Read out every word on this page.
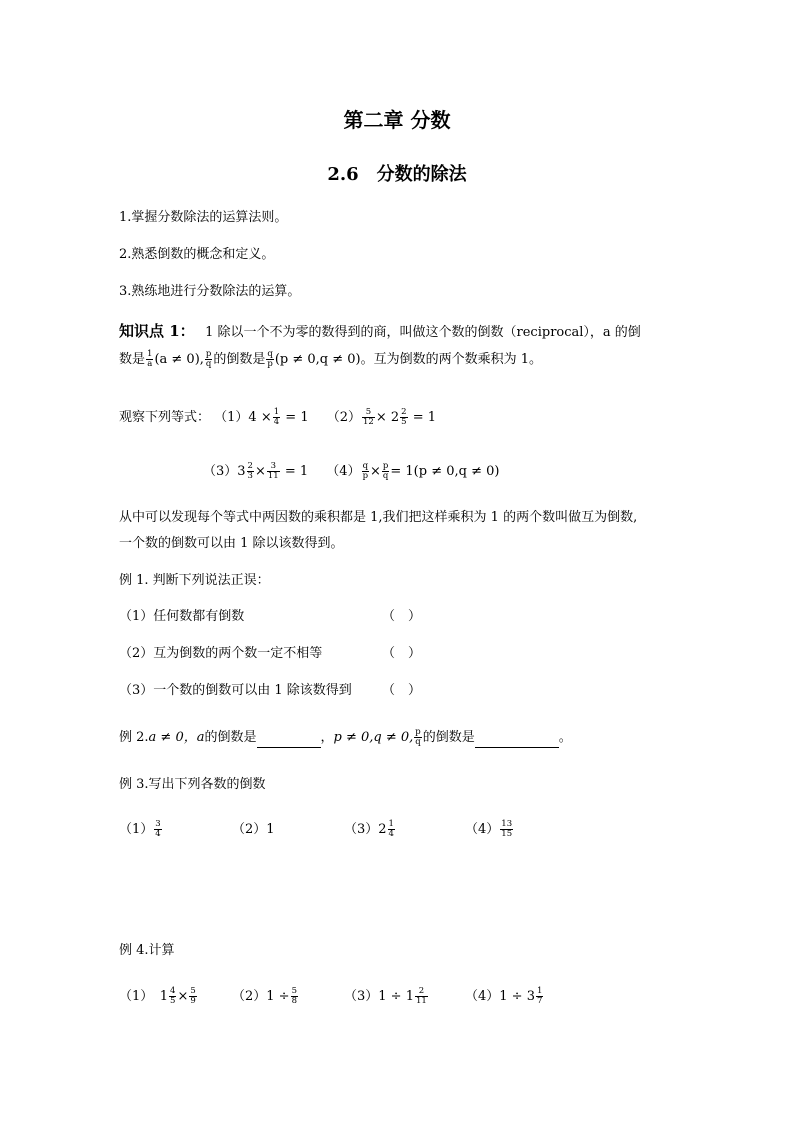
第二章 分数
2.6　分数的除法
1.掌握分数除法的运算法则。
2.熟悉倒数的概念和定义。
3.熟练地进行分数除法的运算。
知识点 1： 1 除以一个不为零的数得到的商，叫做这个数的倒数（reciprocal），a 的倒
数是 $\frac{1}{a} (a \ne 0)$, $\frac{p}{q}$ 的倒数是 $\frac{q}{p} (p \ne 0,q \ne 0)$。互为倒数的两个数乘积为 1。
观察下列等式： $(1)4 \times \frac{1}{4} = 1$ $(2) \frac{5}{12} \times 2 \frac{2}{5} = 1$
$(3)3 \frac{2}{3} \times \frac{3}{11} = 1$ $(4) \frac{q}{p} \times \frac{p}{q} = 1(p \ne 0,q \ne 0)$
从中可以发现每个等式中两因数的乘积都是 1,我们把这样乘积为 1 的两个数叫做互为倒数,
一个数的倒数可以由 1 除以该数得到。
例 1. 判断下列说法正误：
（1）任何数都有倒数	（　）
（2）互为倒数的两个数一定不相等	（　）
（3）一个数的倒数可以由 1 除该数得到 （　）
例 2.a ≠ 0，a的倒数是	，p ≠ 0,q ≠ 0, $\frac{p}{q}$ 的倒数是	。
例 3.写出下列各数的倒数
$(1) \frac{3}{4}$	（2）1	$(3)2 \frac{1}{4}$	$(4) \frac{13}{15}$
例 4.计算
（1）　$1 \frac{4}{5} \times \frac{5}{9}$	$(2)1 \div \frac{5}{8}$	$(3)1 \div 1 \frac{2}{11}$	$(4)1 \div 3 \frac{1}{7}$
